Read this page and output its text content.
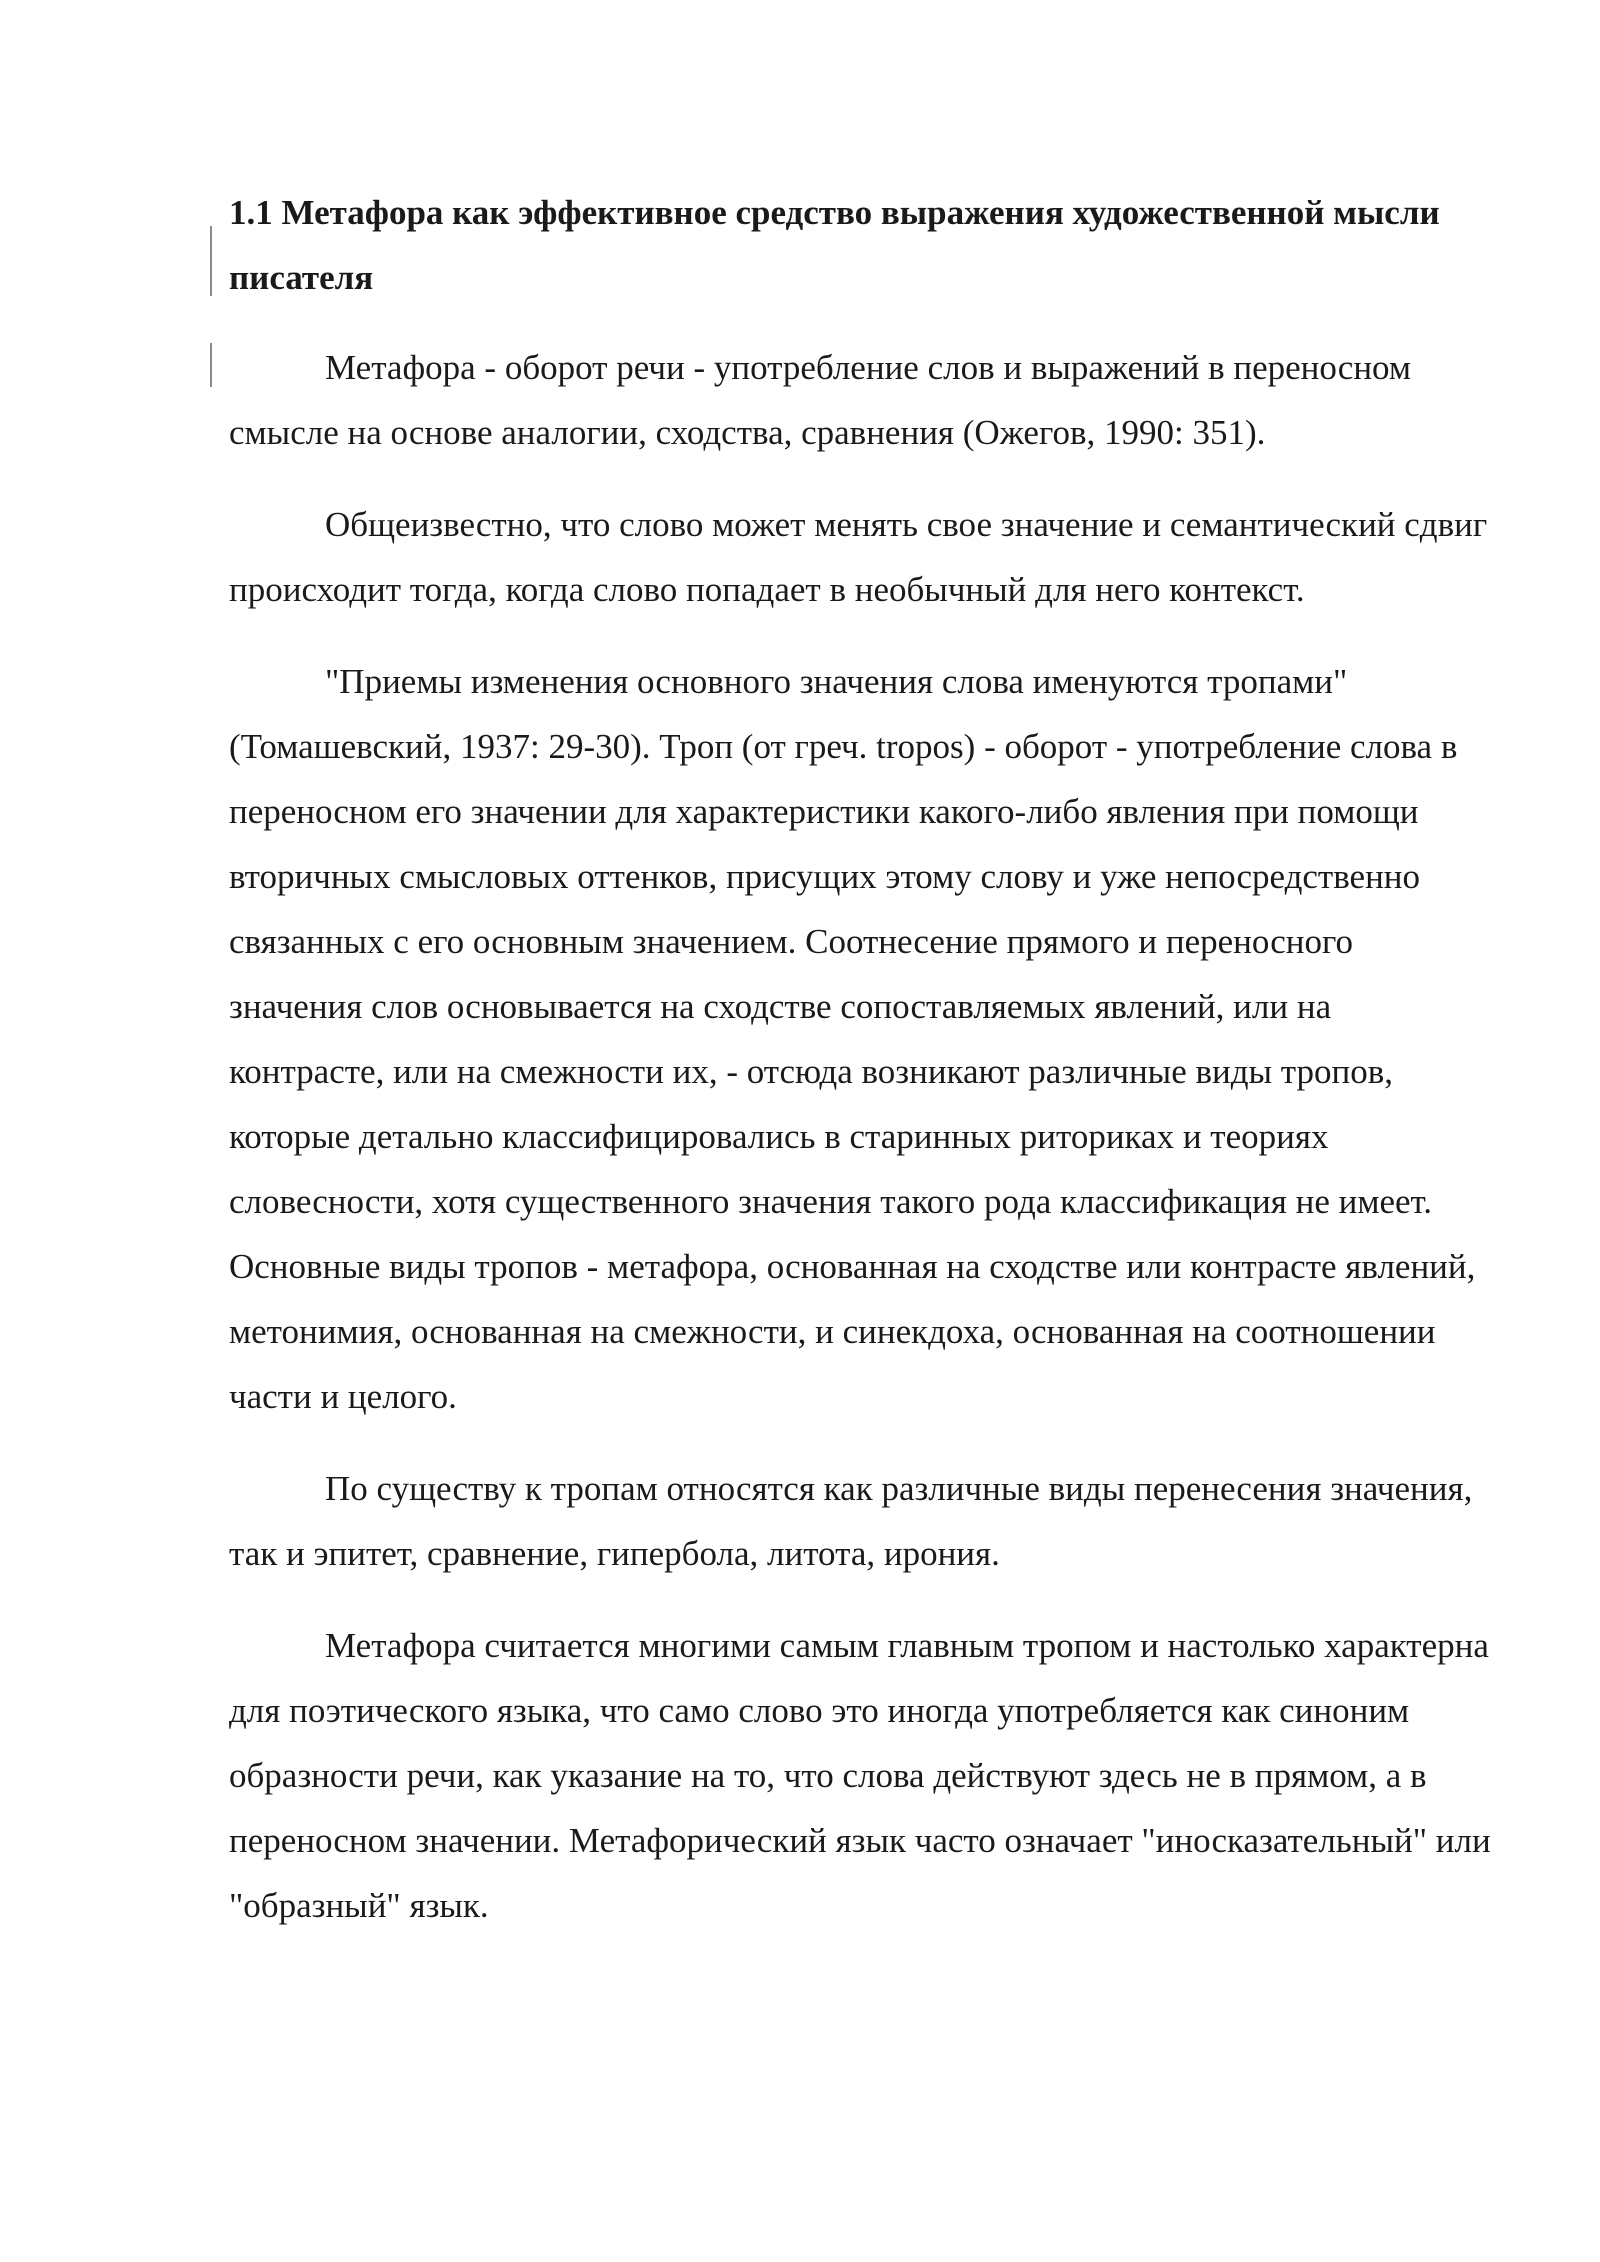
1.1 Метафора как эффективное средство выражения художественной мысли писателя

Метафора - оборот речи - употребление слов и выражений в переносном смысле на основе аналогии, сходства, сравнения (Ожегов, 1990: 351).

Общеизвестно, что слово может менять свое значение и семантический сдвиг происходит тогда, когда слово попадает в необычный для него контекст.

"Приемы изменения основного значения слова именуются тропами" (Томашевский, 1937: 29-30). Троп (от греч. tropos) - оборот - употребление слова в переносном его значении для характеристики какого-либо явления при помощи вторичных смысловых оттенков, присущих этому слову и уже непосредственно связанных с его основным значением. Соотнесение прямого и переносного значения слов основывается на сходстве сопоставляемых явлений, или на контрасте, или на смежности их, - отсюда возникают различные виды тропов, которые детально классифицировались в старинных риториках и теориях словесности, хотя существенного значения такого рода классификация не имеет. Основные виды тропов - метафора, основанная на сходстве или контрасте явлений, метонимия, основанная на смежности, и синекдоха, основанная на соотношении части и целого.

По существу к тропам относятся как различные виды перенесения значения, так и эпитет, сравнение, гипербола, литота, ирония.

Метафора считается многими самым главным тропом и настолько характерна для поэтического языка, что само слово это иногда употребляется как синоним образности речи, как указание на то, что слова действуют здесь не в прямом, а в переносном значении. Метафорический язык часто означает "иносказательный" или "образный" язык.
